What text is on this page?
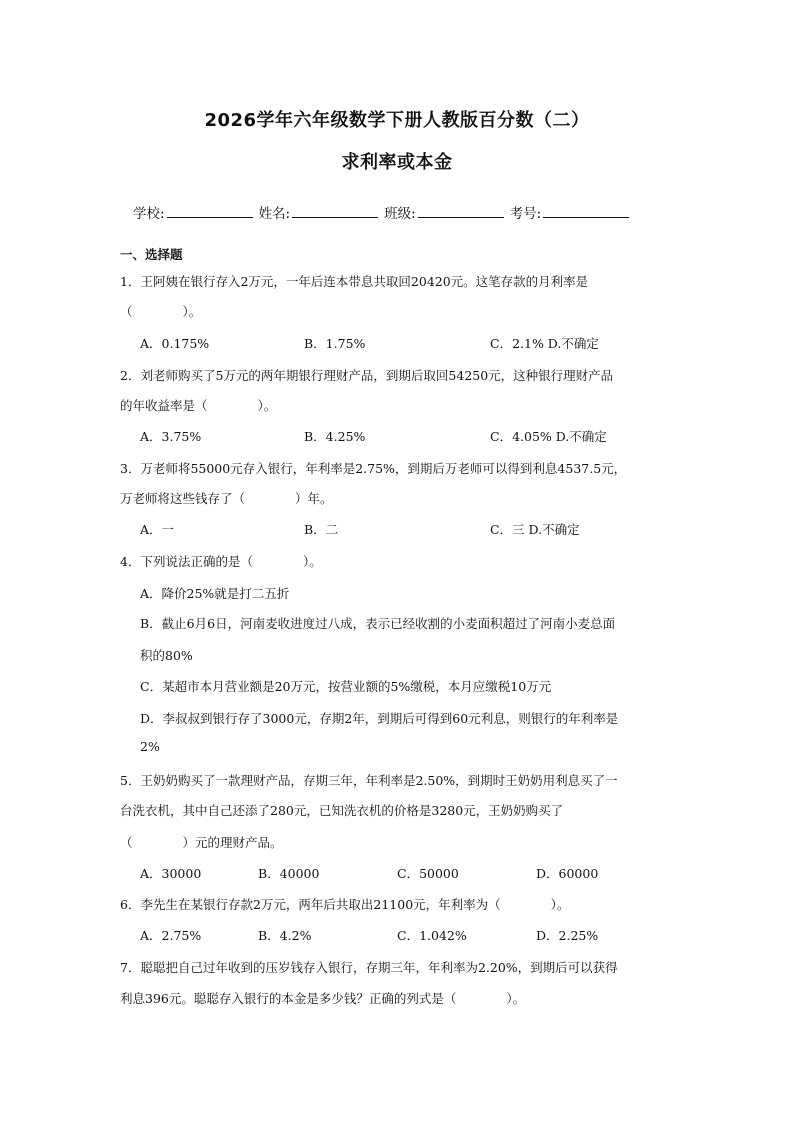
2026学年六年级数学下册人教版百分数（二）
求利率或本金
学校:	姓名:	班级:	考号:
一、选择题
1．王阿姨在银行存入2万元，一年后连本带息共取回20420元。这笔存款的月利率是
（　　　　）。
A．0.175%	B．1.75%	C．2.1% D.不确定
2．刘老师购买了5万元的两年期银行理财产品，到期后取回54250元，这种银行理财产品
的年收益率是（　　　　）。
A．3.75%	B．4.25%	C．4.05% D.不确定
3．万老师将55000元存入银行，年利率是2.75%，到期后万老师可以得到利息4537.5元，
万老师将这些钱存了（　　　　）年。
A．一	B．二	C．三 D.不确定
4．下列说法正确的是（　　　　）。
A．降价25%就是打二五折
B．截止6月6日，河南麦收进度过八成，表示已经收割的小麦面积超过了河南小麦总面
积的80%
C．某超市本月营业额是20万元，按营业额的5%缴税，本月应缴税10万元
D．李叔叔到银行存了3000元，存期2年，到期后可得到60元利息，则银行的年利率是
2%
5．王奶奶购买了一款理财产品，存期三年，年利率是2.50%，到期时王奶奶用利息买了一
台洗衣机，其中自己还添了280元，已知洗衣机的价格是3280元，王奶奶购买了
（　　　　）元的理财产品。
A．30000	B．40000	C．50000	D．60000
6．李先生在某银行存款2万元，两年后共取出21100元，年利率为（　　　　）。
A．2.75%	B．4.2%	C．1.042%	D．2.25%
7．聪聪把自己过年收到的压岁钱存入银行，存期三年，年利率为2.20%，到期后可以获得
利息396元。聪聪存入银行的本金是多少钱？正确的列式是（　　　　）。
